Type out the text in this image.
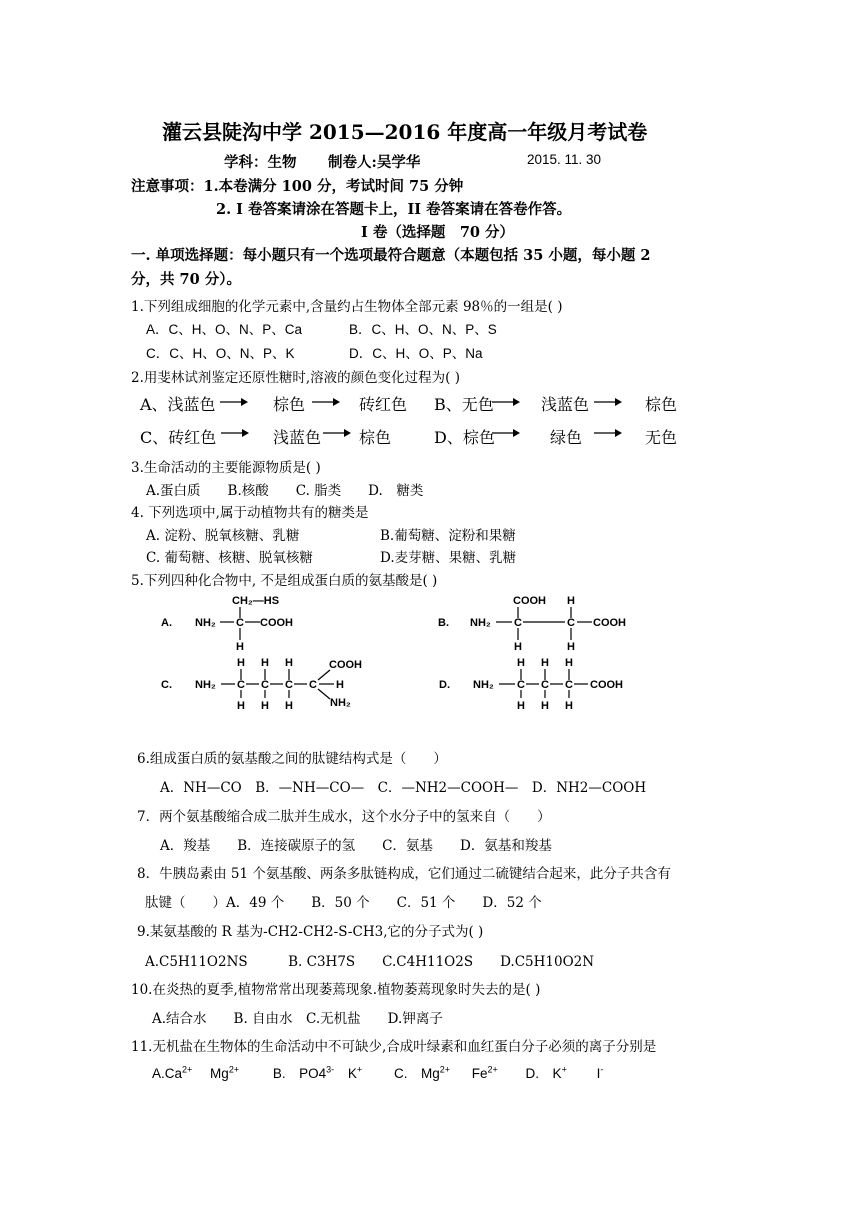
灌云县陡沟中学 2015—2016 年度高一年级月考试卷
学科：生物 制卷人:吴学华	2015. 11. 30
注意事项：1.本卷满分 100 分，考试时间 75 分钟
2. I 卷答案请涂在答题卡上，II 卷答案请在答卷作答。
I 卷（选择题　70 分）
一. 单项选择题：每小题只有一个选项最符合题意（本题包括 35 小题，每小题 2
分，共 70 分）。
1.下列组成细胞的化学元素中,含量约占生物体全部元素 98％的一组是( )
A．C、H、O、N、P、Ca	B．C、H、O、N、P、S
C．C、H、O、N、P、K	D．C、H、O、P、Na
2.用斐林试剂鉴定还原性糖时,溶液的颜色变化过程为( )
A、浅蓝色	棕色	砖红色 B、无色	浅蓝色	棕色
C、砖红色	浅蓝色 棕色	D、棕色	绿色	无色
3.生命活动的主要能源物质是( )
A.蛋白质　　B.核酸　　C. 脂类　　D.　糖类
4. 下列选项中,属于动植物共有的糖类是
A. 淀粉、脱氧核糖、乳糖	B.葡萄糖、淀粉和果糖
C. 葡萄糖、核糖、脱氧核糖	D.麦芽糖、果糖、乳糖
5.下列四种化合物中, 不是组成蛋白质的氨基酸是( )
A.
CH₂—HS
NH₂ C COOH
H
B.
COOH H
NH₂ C	C COOH
H	H
C.
H H H
NH₂ C C C C
COOH
H
NH₂
H H H
D.
H H H
NH₂ C C C COOH
H H H
6.组成蛋白质的氨基酸之间的肽键结构式是（　　）
A．NH—CO　B．—NH—CO—　C．—NH2—COOH—　D．NH2—COOH
7．两个氨基酸缩合成二肽并生成水，这个水分子中的氢来自（　　）
A．羧基　　B．连接碳原子的氢　　C．氨基　　D．氨基和羧基
8．牛胰岛素由 51 个氨基酸、两条多肽链构成，它们通过二硫键结合起来，此分子共含有
肽键（　　）A．49 个　　B．50 个　　C．51 个　　D．52 个
9.某氨基酸的 R 基为-CH2-CH2-S-CH3,它的分子式为( )
A.C5H11O2NS　　　B. C3H7S　　C.C4H11O2S　　D.C5H10O2N
10.在炎热的夏季,植物常常出现萎蔫现象.植物萎蔫现象时失去的是( )
A.结合水　　B. 自由水　C.无机盐　　D.钾离子
11.无机盐在生物体的生命活动中不可缺少,合成叶绿素和血红蛋白分子必须的离子分别是
$A.Ca^{2+}$ $Mg^{2+}$	B.　$PO4^{3-}$ K+ C.　$Mg^{2+}$ $Fe^{2+}$ D.　K+ I-
